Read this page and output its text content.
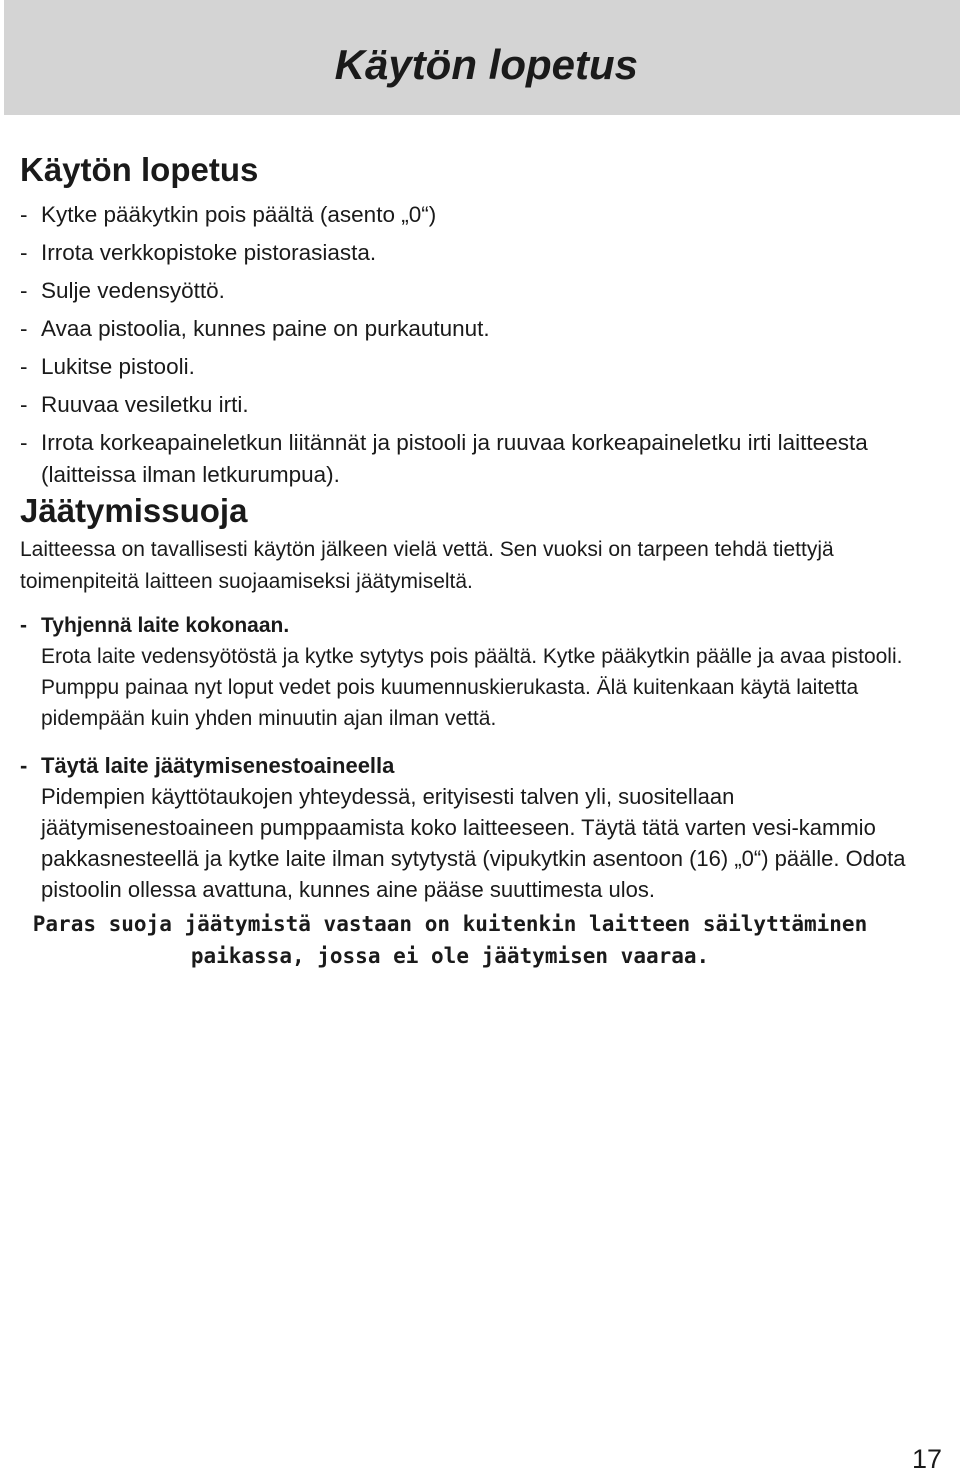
Käytön lopetus
Käytön lopetus
- Kytke pääkytkin pois päältä (asento „0“)
- Irrota verkkopistoke pistorasiasta.
- Sulje vedensyöttö.
- Avaa pistoolia, kunnes paine on purkautunut.
- Lukitse pistooli.
- Ruuvaa vesiletku irti.
- Irrota korkeapaineletkun liitännät ja pistooli ja ruuvaa korkeapaineletku irti laitteesta (laitteissa ilman letkurumpua).
Jäätymissuoja

Laitteessa on tavallisesti käytön jälkeen vielä vettä. Sen vuoksi on tarpeen tehdä tiettyjä toimenpiteitä laitteen suojaamiseksi jäätymiseltä.

- Tyhjennä laite kokonaan.
Erota laite vedensyötöstä ja kytke sytytys pois päältä. Kytke pääkytkin päälle ja avaa pistooli. Pumppu painaa nyt loput vedet pois kuumennuskierukasta. Älä kuitenkaan käytä laitetta pidempään kuin yhden minuutin ajan ilman vettä.
- Täytä laite jäätymisenestoaineella
Pidempien käyttötaukojen yhteydessä, erityisesti talven yli, suositellaan jäätymisenestoaineen pumppaamista koko laitteeseen. Täytä tätä varten vesi-kammio pakkasnesteellä ja kytke laite ilman sytytystä (vipukytkin asentoon (16) „0“) päälle. Odota pistoolin ollessa avattuna, kunnes aine pääse suuttimesta ulos.
Paras suoja jäätymistä vastaan on kuitenkin laitteen säilyttäminen paikassa, jossa ei ole jäätymisen vaaraa.
17
